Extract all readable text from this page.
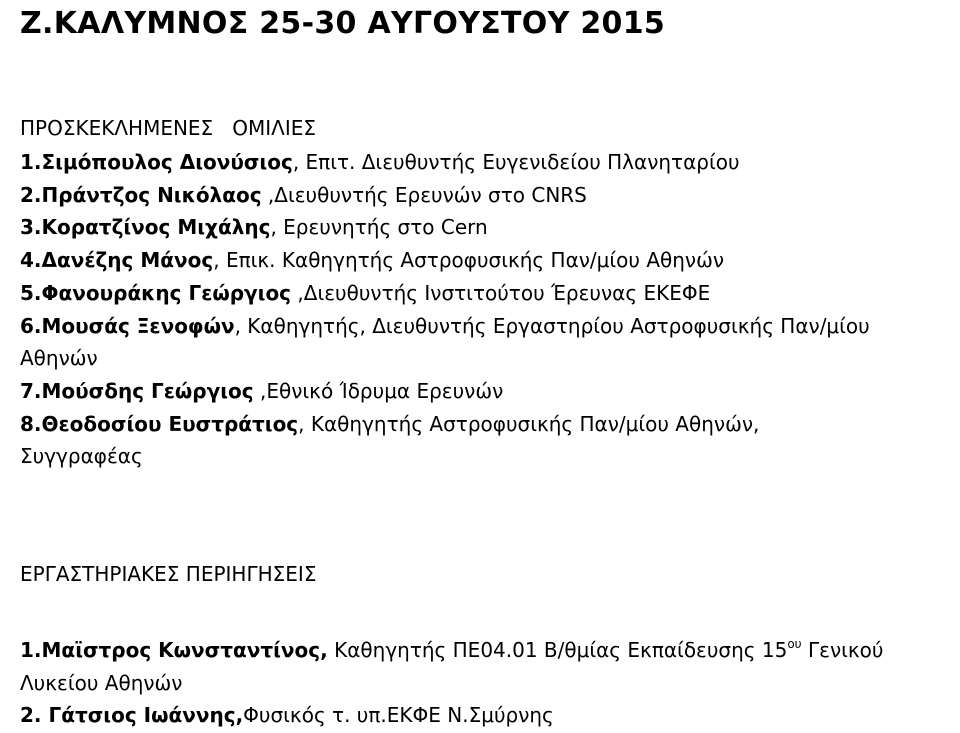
Ζ.ΚΑΛΥΜΝΟΣ 25-30 ΑΥΓΟΥΣΤΟΥ 2015
ΠΡΟΣΚΕΚΛΗΜΕΝΕΣ   ΟΜΙΛΙΕΣ
1.Σιμόπουλος Διονύσιος, Επιτ. Διευθυντής Ευγενιδείου Πλανηταρίου
2.Πράντζος Νικόλαος ,Διευθυντής Ερευνών στο CNRS
3.Κορατζίνος Μιχάλης, Ερευνητής στο Cern
4.Δανέζης Μάνος, Επικ. Καθηγητής Αστροφυσικής Παν/μίου Αθηνών
5.Φανουράκης Γεώργιος ,Διευθυντής Ινστιτούτου Έρευνας ΕΚΕΦΕ
6.Μουσάς Ξενοφών, Καθηγητής, Διευθυντής Εργαστηρίου Αστροφυσικής Παν/μίου
Αθηνών
7.Μούσδης Γεώργιος ,Εθνικό Ίδρυμα Ερευνών
8.Θεοδοσίου Ευστράτιος, Καθηγητής Αστροφυσικής Παν/μίου Αθηνών,
Συγγραφέας
ΕΡΓΑΣΤΗΡΙΑΚΕΣ ΠΕΡΙΗΓΗΣΕΙΣ
1.Μαϊστρος Κωνσταντίνος, Καθηγητής ΠΕ04.01 Β/θμίας Εκπαίδευσης $15^{o\upsilon}$ Γενικού
Λυκείου Αθηνών
2. Γάτσιος Ιωάννης,Φυσικός τ. υπ.ΕΚΦΕ Ν.Σμύρνης
